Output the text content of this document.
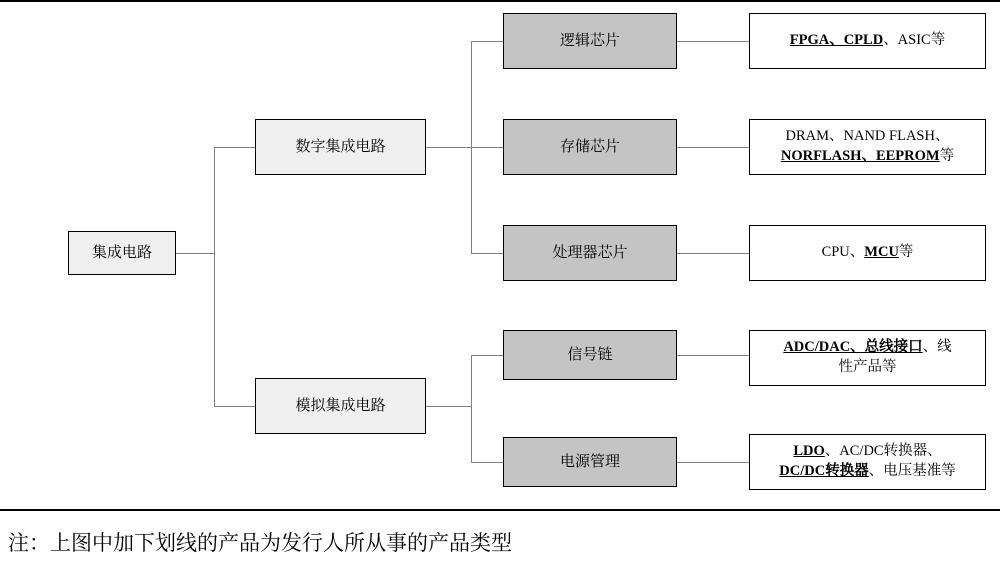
集成电路
数字集成电路
模拟集成电路
逻辑芯片
存储芯片
处理器芯片
信号链
电源管理
FPGA、CPLD、ASIC等
DRAM、NAND FLASH、
NORFLASH、EEPROM等
CPU、MCU等
ADC/DAC、总线接口、线
性产品等
LDO、AC/DC转换器、
DC/DC转换器、电压基准等
注：上图中加下划线的产品为发行人所从事的产品类型
